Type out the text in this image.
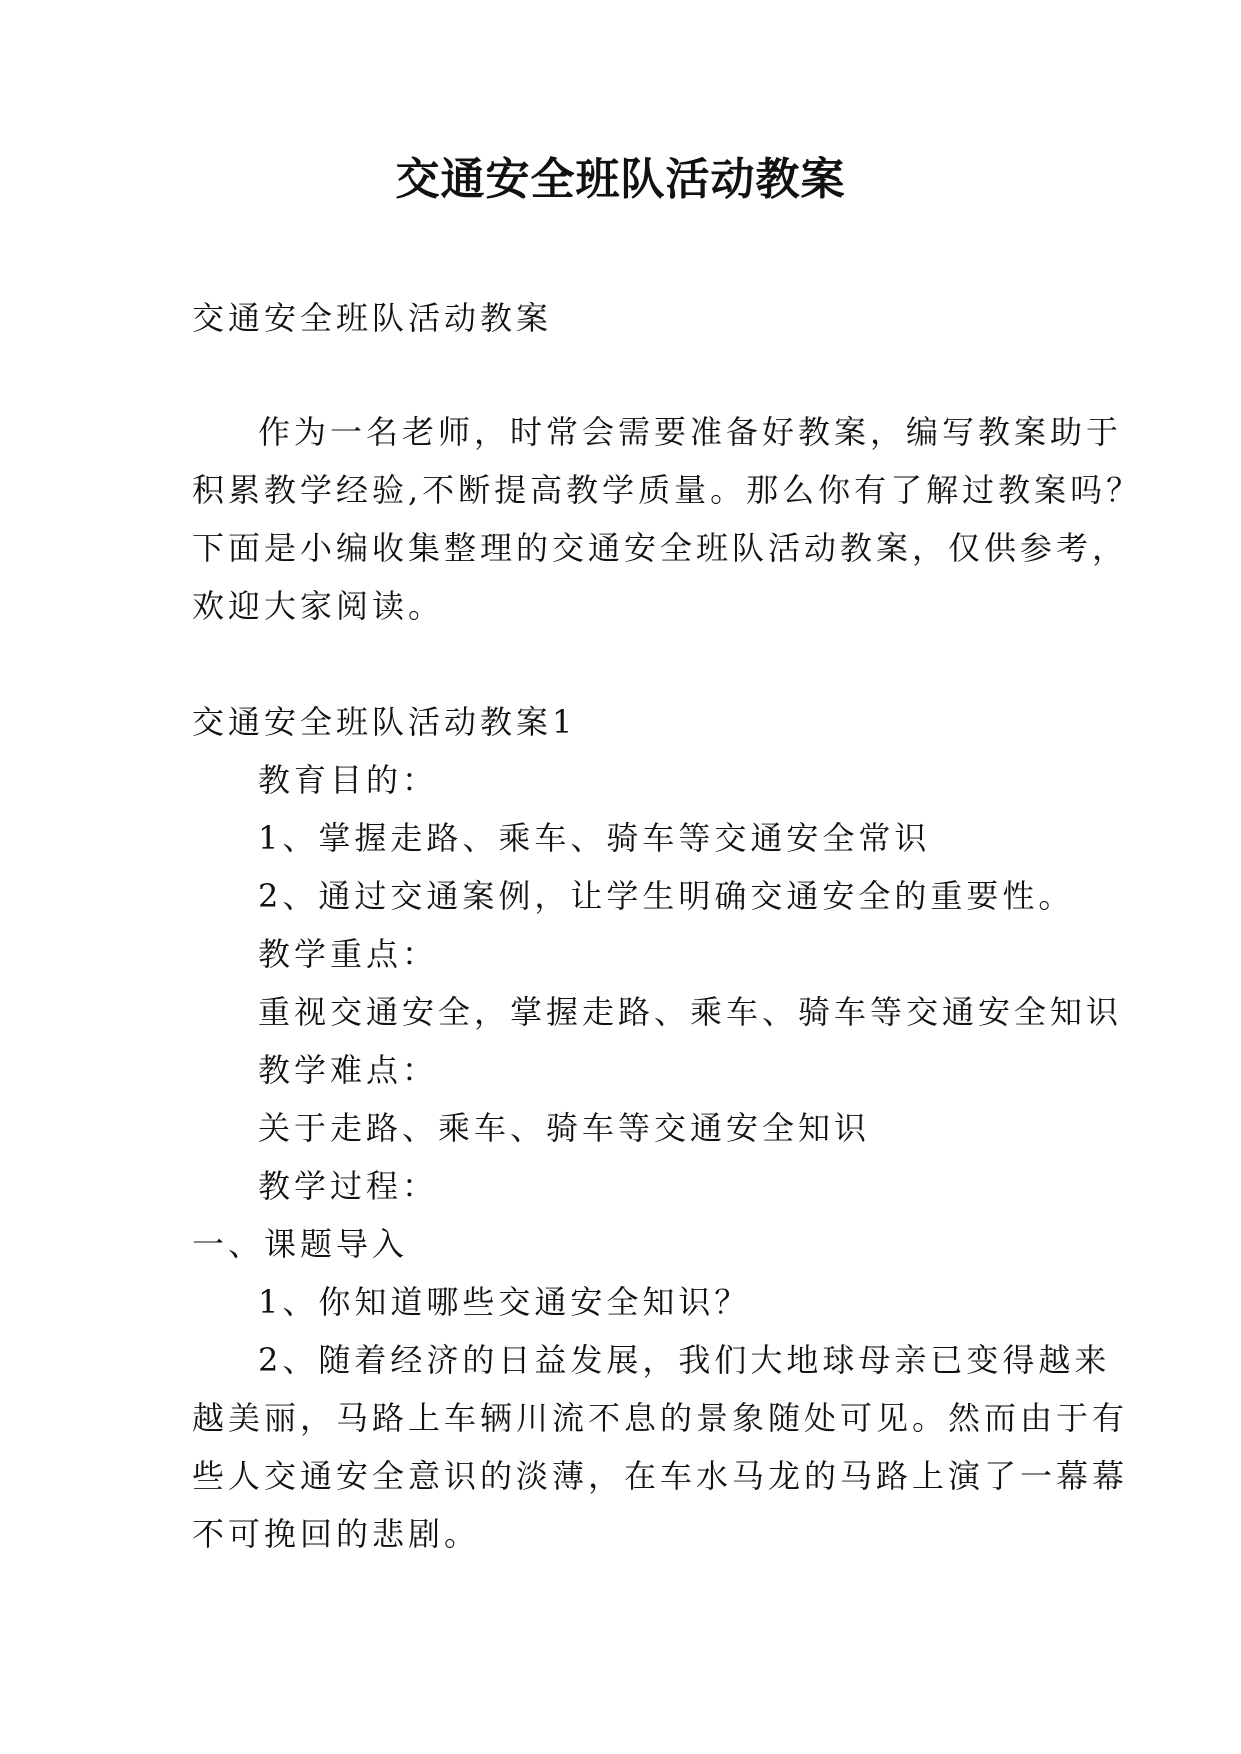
交通安全班队活动教案

交通安全班队活动教案

作为一名老师，时常会需要准备好教案，编写教案助于

积累教学经验,不断提高教学质量。那么你有了解过教案吗？

下面是小编收集整理的交通安全班队活动教案，仅供参考，

欢迎大家阅读。

交通安全班队活动教案1

教育目的：

1、掌握走路、乘车、骑车等交通安全常识

2、通过交通案例，让学生明确交通安全的重要性。

教学重点：

重视交通安全，掌握走路、乘车、骑车等交通安全知识

教学难点：

关于走路、乘车、骑车等交通安全知识

教学过程：

一、课题导入

1、你知道哪些交通安全知识？

2、随着经济的日益发展，我们大地球母亲已变得越来

越美丽，马路上车辆川流不息的景象随处可见。然而由于有

些人交通安全意识的淡薄，在车水马龙的马路上演了一幕幕

不可挽回的悲剧。
